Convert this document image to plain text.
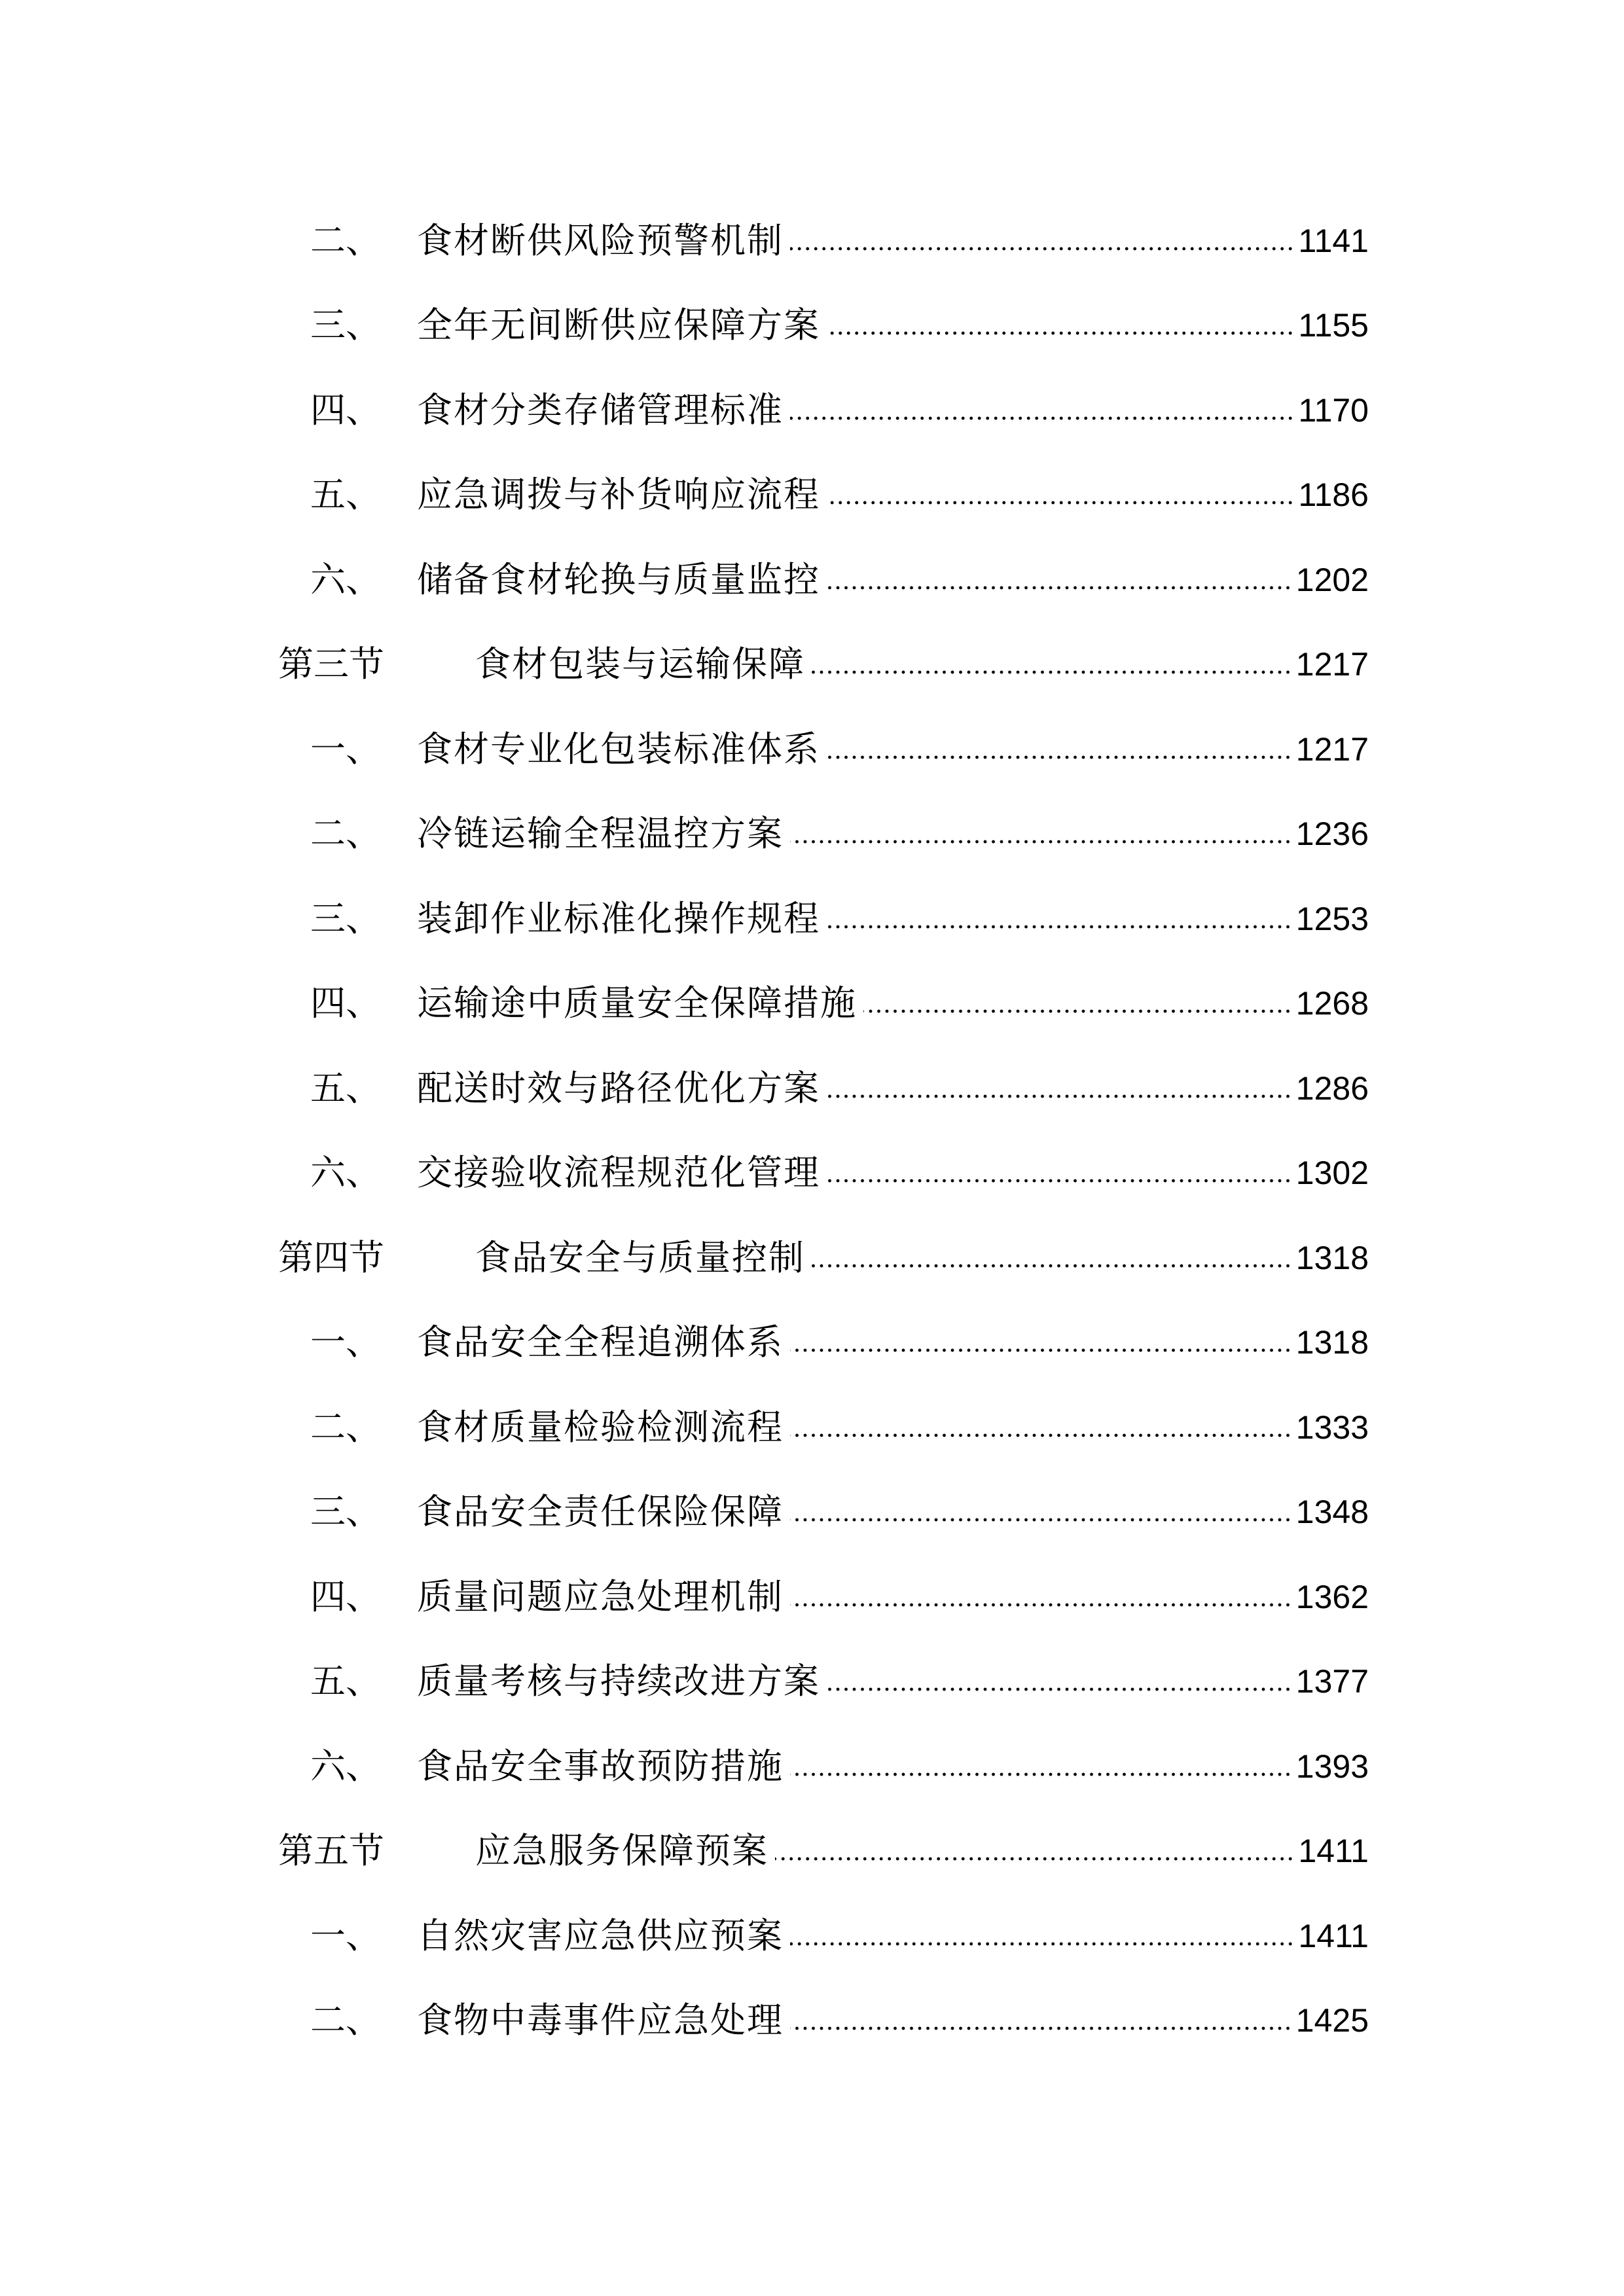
二、 食材断供风险预警机制	1141
三、 全年无间断供应保障方案	1155
四、 食材分类存储管理标准	1170
五、 应急调拨与补货响应流程	1186
六、 储备食材轮换与质量监控	1202
第三节	食材包装与运输保障	1217
一、 食材专业化包装标准体系	1217
二、 冷链运输全程温控方案	1236
三、 装卸作业标准化操作规程	1253
四、 运输途中质量安全保障措施	1268
五、 配送时效与路径优化方案	1286
六、 交接验收流程规范化管理	1302
第四节	食品安全与质量控制	1318
一、 食品安全全程追溯体系	1318
二、 食材质量检验检测流程	1333
三、 食品安全责任保险保障	1348
四、 质量问题应急处理机制	1362
五、 质量考核与持续改进方案	1377
六、 食品安全事故预防措施	1393
第五节	应急服务保障预案	1411
一、 自然灾害应急供应预案	1411
二、 食物中毒事件应急处理	1425
